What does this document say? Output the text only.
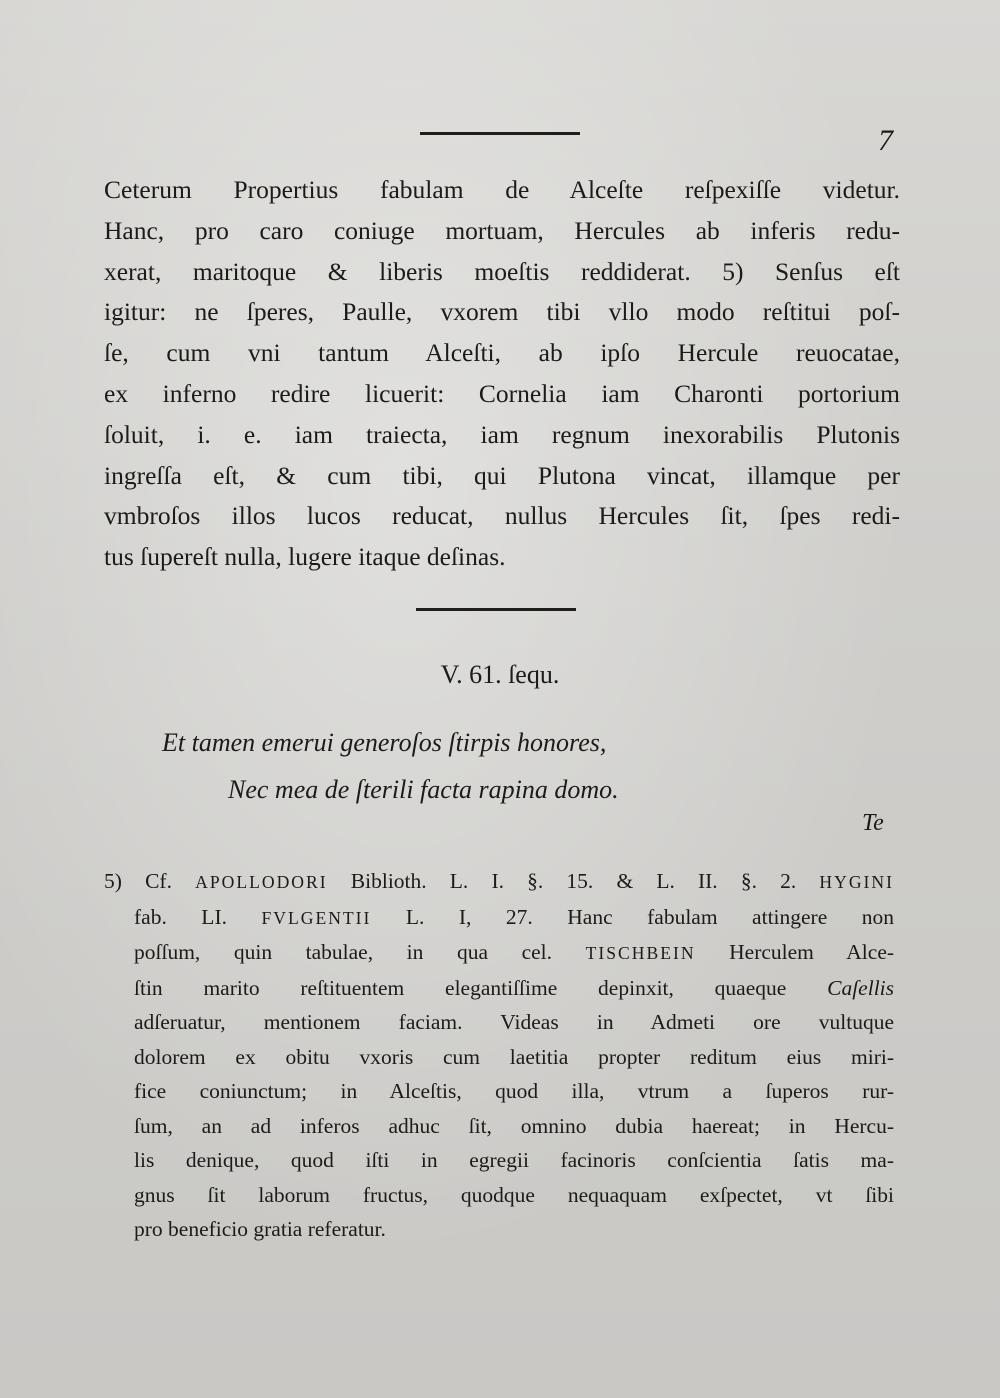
7
Ceterum Propertius fabulam de Alceſte reſpexiſſe videtur.
Hanc, pro caro coniuge mortuam, Hercules ab inferis redu-
xerat, maritoque & liberis moeſtis reddiderat. 5) Senſus eſt
igitur: ne ſperes, Paulle, vxorem tibi vllo modo reſtitui poſ-
ſe, cum vni tantum Alceſti, ab ipſo Hercule reuocatae,
ex inferno redire licuerit: Cornelia iam Charonti portorium
ſoluit, i. e. iam traiecta, iam regnum inexorabilis Plutonis
ingreſſa eſt, & cum tibi, qui Plutona vincat, illamque per
vmbroſos illos lucos reducat, nullus Hercules ſit, ſpes redi-
tus ſupereſt nulla, lugere itaque deſinas.
V. 61. ſequ.
Et tamen emerui generoſos ſtirpis honores,
Nec mea de ſterili facta rapina domo.
Te
5) Cf. APOLLODORI Biblioth. L. I. §. 15. & L. II. §. 2. HYGINI
fab. LI. FVLGENTII L. I, 27. Hanc fabulam attingere non
poſſum, quin tabulae, in qua cel. TISCHBEIN Herculem Alce-
ſtin marito reſtituentem elegantiſſime depinxit, quaeque Caſellis
adſeruatur, mentionem faciam. Videas in Admeti ore vultuque
dolorem ex obitu vxoris cum laetitia propter reditum eius miri-
fice coniunctum; in Alceſtis, quod illa, vtrum a ſuperos rur-
ſum, an ad inferos adhuc ſit, omnino dubia haereat; in Hercu-
lis denique, quod iſti in egregii facinoris conſcientia ſatis ma-
gnus ſit laborum fructus, quodque nequaquam exſpectet, vt ſibi
pro beneficio gratia referatur.
